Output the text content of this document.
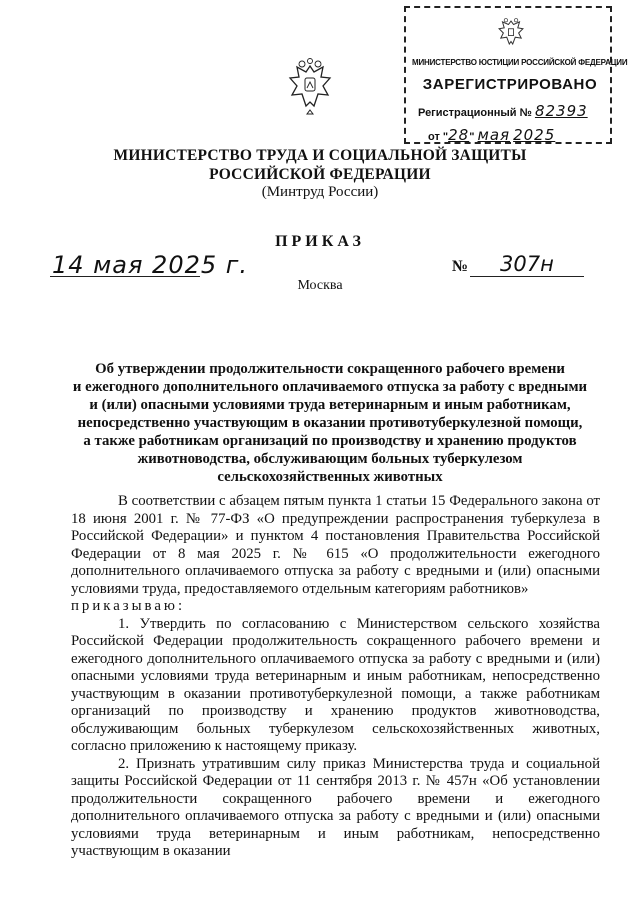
МИНИСТЕРСТВО ЮСТИЦИИ РОССИЙСКОЙ ФЕДЕРАЦИИ
ЗАРЕГИСТРИРОВАНО
Регистрационный № 82393
от "28" мая 2025
МИНИСТЕРСТВО ТРУДА И СОЦИАЛЬНОЙ ЗАЩИТЫ
РОССИЙСКОЙ ФЕДЕРАЦИИ
(Минтруд России)
ПРИКАЗ
14 мая 2025 г.	№ 307н
Москва
Об утверждении продолжительности сокращенного рабочего времени
и ежегодного дополнительного оплачиваемого отпуска за работу с вредными
и (или) опасными условиями труда ветеринарным и иным работникам,
непосредственно участвующим в оказании противотуберкулезной помощи,
а также работникам организаций по производству и хранению продуктов
животноводства, обслуживающим больных туберкулезом
сельскохозяйственных животных

В соответствии с абзацем пятым пункта 1 статьи 15 Федерального закона от 18 июня 2001 г. № 77-ФЗ «О предупреждении распространения туберкулеза в Российской Федерации» и пунктом 4 постановления Правительства Российской Федерации от 8 мая 2025 г. № 615 «О продолжительности ежегодного дополнительного оплачиваемого отпуска за работу с вредными и (или) опасными условиями труда, предоставляемого отдельным категориям работников»

приказываю:

1. Утвердить по согласованию с Министерством сельского хозяйства Российской Федерации продолжительность сокращенного рабочего времени и ежегодного дополнительного оплачиваемого отпуска за работу с вредными и (или) опасными условиями труда ветеринарным и иным работникам, непосредственно участвующим в оказании противотуберкулезной помощи, а также работникам организаций по производству и хранению продуктов животноводства, обслуживающим больных туберкулезом сельскохозяйственных животных, согласно приложению к настоящему приказу.

2. Признать утратившим силу приказ Министерства труда и социальной защиты Российской Федерации от 11 сентября 2013 г. № 457н «Об установлении продолжительности сокращенного рабочего времени и ежегодного дополнительного оплачиваемого отпуска за работу с вредными и (или) опасными условиями труда ветеринарным и иным работникам, непосредственно участвующим в оказании
